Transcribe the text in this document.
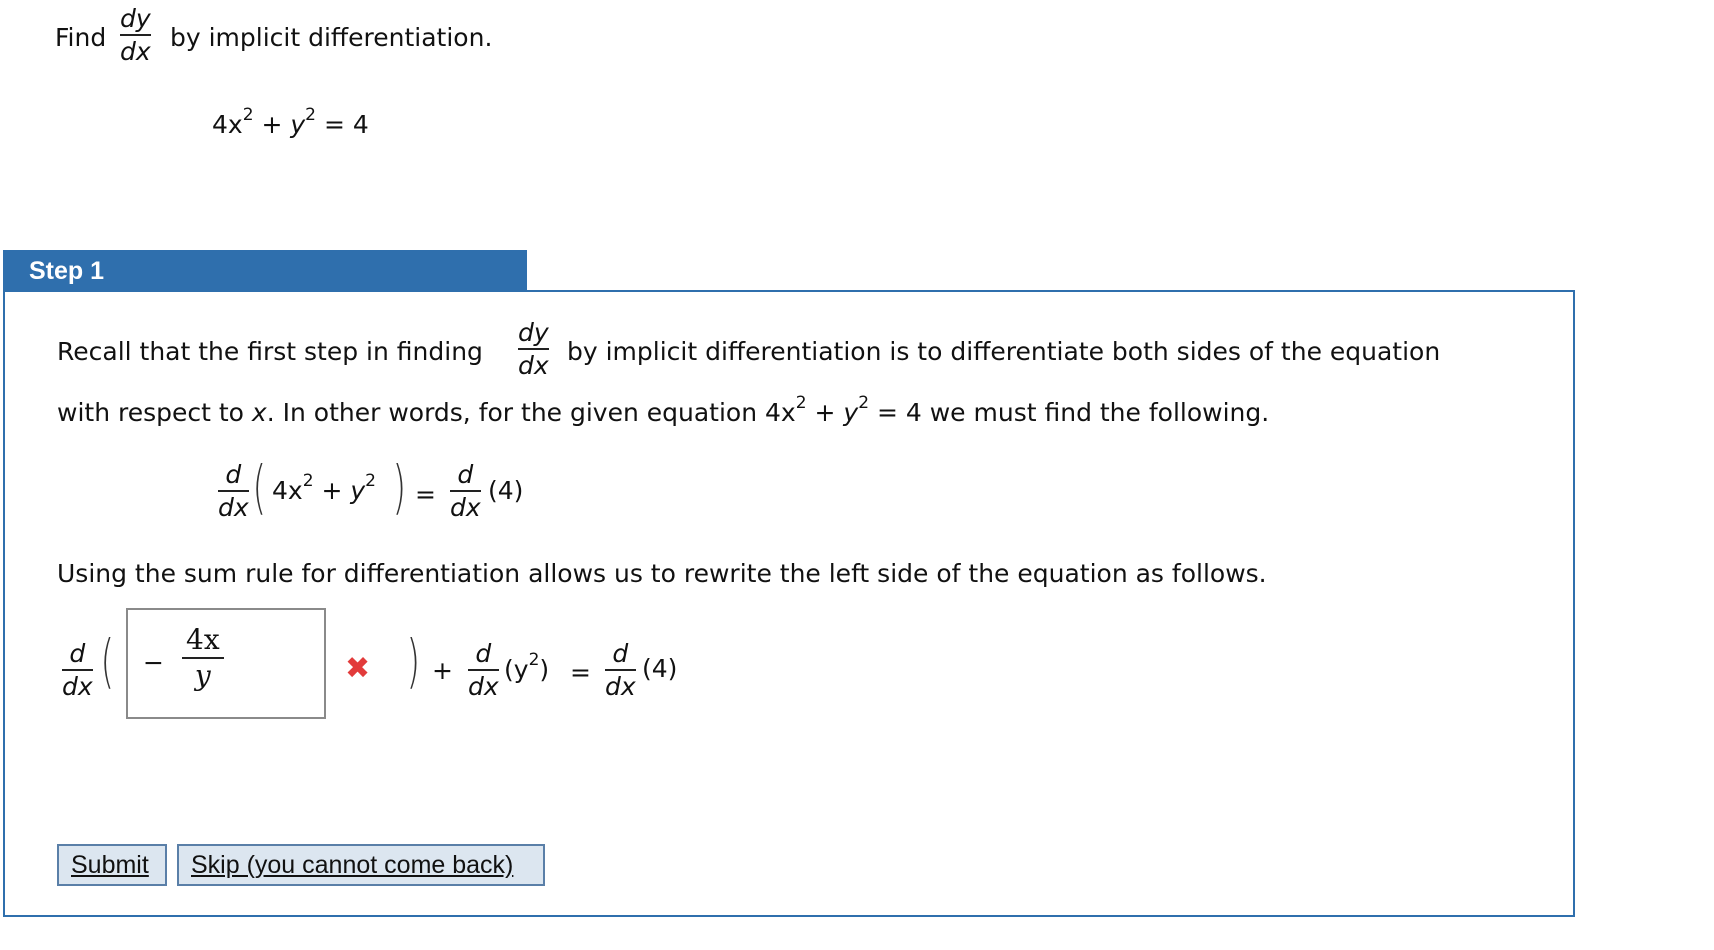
Find
dy
dx by implicit differentiation.
$4x^2 + y^2 = 4$
Step 1
Recall that the first step in finding
dy
dx by implicit differentiation is to differentiate both sides of the equation
with respect to x. In other words, for the given equation $4x^2 + y^2 = 4$ we must find the following.
d
dx ( $4x^2 + y^2$ ) =
d
dx
(4)
Using the sum rule for differentiation allows us to rewrite the left side of the equation as follows.
d
dx ( −
4x
y	✖ ) +
d
dx
$(y^2)$ =
d
dx
(4)
Submit	Skip (you cannot come back)
